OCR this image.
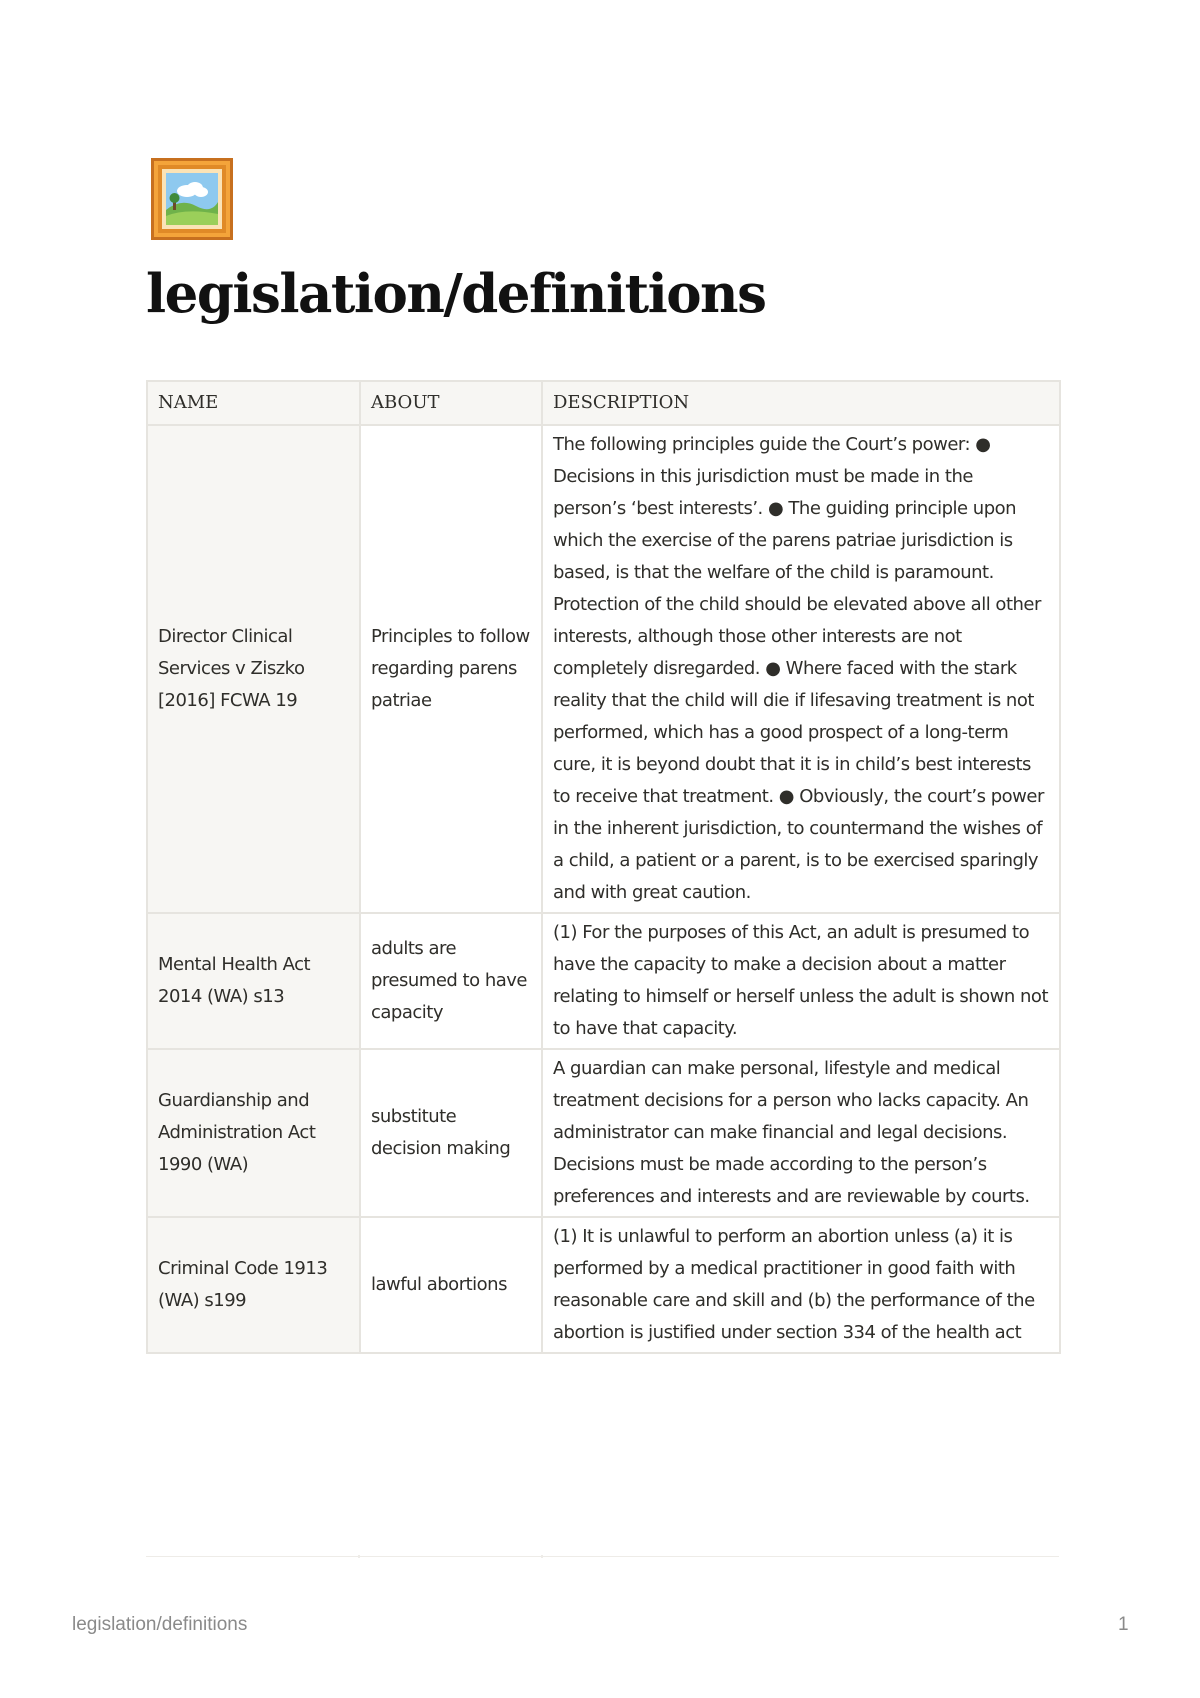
legislation/definitions
NAME	ABOUT	DESCRIPTION
Director Clinical Services v Ziszko [2016] FCWA 19	Principles to follow regarding parens patriae	The following principles guide the Court’s power: ● Decisions in this jurisdiction must be made in the person’s ‘best interests’. ● The guiding principle upon which the exercise of the parens patriae jurisdiction is based, is that the welfare of the child is paramount. Protection of the child should be elevated above all other interests, although those other interests are not completely disregarded. ● Where faced with the stark reality that the child will die if lifesaving treatment is not performed, which has a good prospect of a long-term cure, it is beyond doubt that it is in child’s best interests to receive that treatment. ● Obviously, the court’s power in the inherent jurisdiction, to countermand the wishes of a child, a patient or a parent, is to be exercised sparingly and with great caution.
Mental Health Act 2014 (WA) s13	adults are presumed to have capacity	(1) For the purposes of this Act, an adult is presumed to have the capacity to make a decision about a matter relating to himself or herself unless the adult is shown not to have that capacity.
Guardianship and Administration Act 1990 (WA)	substitute decision making	A guardian can make personal, lifestyle and medical treatment decisions for a person who lacks capacity. An administrator can make financial and legal decisions. Decisions must be made according to the person’s preferences and interests and are reviewable by courts.
Criminal Code 1913 (WA) s199	lawful abortions	(1) It is unlawful to perform an abortion unless (a) it is performed by a medical practitioner in good faith with reasonable care and skill and (b) the performance of the abortion is justified under section 334 of the health act
legislation/definitions	1
